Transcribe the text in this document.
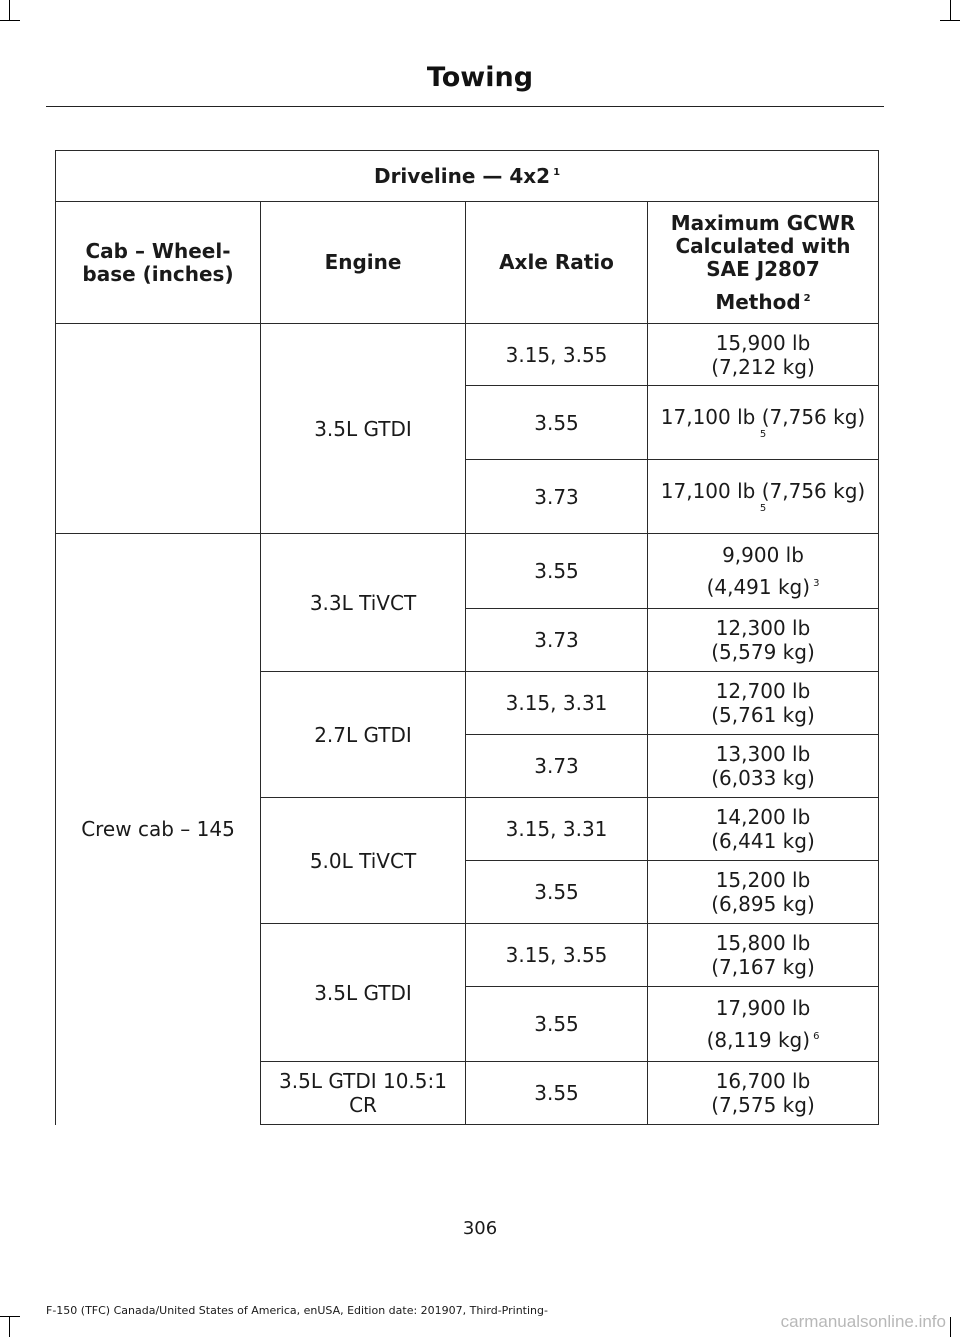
Towing
Driveline — 4x2 $^1$
Cab – Wheel-base (inches)	Engine	Axle Ratio	Maximum GCWR Calculated with SAE J2807
Method $^2$

	3.5L GTDI	3.15, 3.55	15,900 lb
(7,212 kg)

		3.55	17,100 lb (7,756 kg)
5

		3.73	17,100 lb (7,756 kg)
5

Crew cab – 145	3.3L TiVCT	3.55	9,900 lb
(4,491 kg) $^3$

		3.73	12,300 lb
(5,579 kg)

	2.7L GTDI	3.15, 3.31	12,700 lb
(5,761 kg)

		3.73	13,300 lb
(6,033 kg)

	5.0L TiVCT	3.15, 3.31	14,200 lb
(6,441 kg)

		3.55	15,200 lb
(6,895 kg)

	3.5L GTDI	3.15, 3.55	15,800 lb
(7,167 kg)

		3.55	17,900 lb
(8,119 kg) $^6$

	3.5L GTDI 10.5:1 CR	3.55	16,700 lb
(7,575 kg)
306
F-150 (TFC) Canada/United States of America, enUSA, Edition date: 201907, Third-Printing-
carmanualsonline.info
